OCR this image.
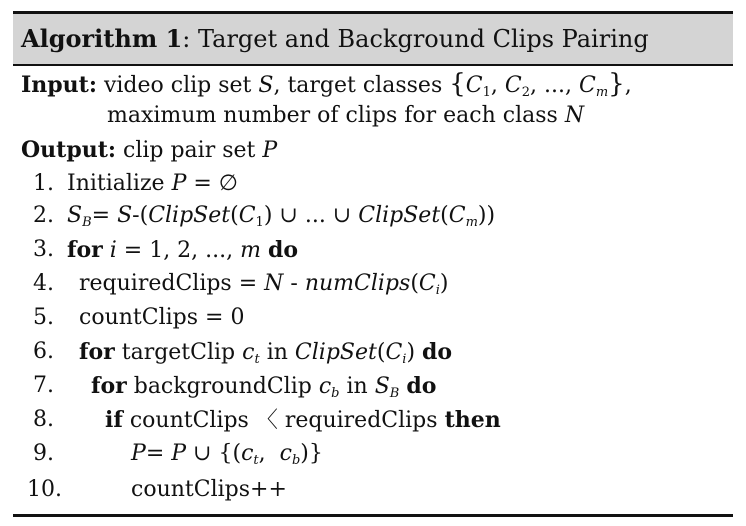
Algorithm 1: Target and Background Clips Pairing
Input: video clip set S, target classes {$C_1$, $C_2$, ..., $C_m$},
maximum number of clips for each class N
Output: clip pair set P
1. Initialize P = ∅
2. $S_B=$ $S-(ClipSet(C_1)$ ∪ ... ∪ $ClipSet(C_m)$)
3. for i = 1, 2, ..., m do
4.	requiredClips = N - $numClips(C_i)$
5.	countClips = 0
6.	for targetClip $c_t$ in $ClipSet(C_i)$ do
7.	for backgroundClip $c_b$ in $S_B$ do
8.	if countClips 〈 requiredClips then
9.	P= P ∪ {($c_t$,  $c_b$)}
10.	countClips++
